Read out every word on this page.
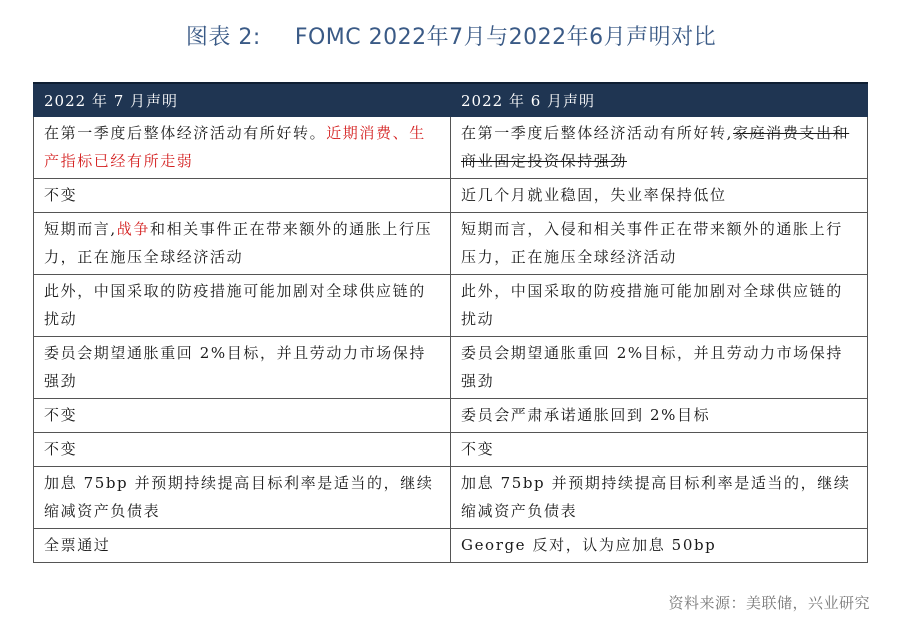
图表 2: FOMC 2022年7月与2022年6月声明对比
2022 年 7 月声明	2022 年 6 月声明
在第一季度后整体经济活动有所好转。近期消费、生产指标已经有所走弱	在第一季度后整体经济活动有所好转,家庭消费支出和商业固定投资保持强劲
不变	近几个月就业稳固，失业率保持低位
短期而言,战争和相关事件正在带来额外的通胀上行压力，正在施压全球经济活动	短期而言，入侵和相关事件正在带来额外的通胀上行压力，正在施压全球经济活动
此外，中国采取的防疫措施可能加剧对全球供应链的扰动	此外，中国采取的防疫措施可能加剧对全球供应链的扰动
委员会期望通胀重回 2%目标，并且劳动力市场保持强劲	委员会期望通胀重回 2%目标，并且劳动力市场保持强劲
不变	委员会严肃承诺通胀回到 2%目标
不变	不变
加息 75bp 并预期持续提高目标利率是适当的，继续缩减资产负债表	加息 75bp 并预期持续提高目标利率是适当的，继续缩减资产负债表
全票通过	George 反对，认为应加息 50bp
资料来源：美联储，兴业研究
